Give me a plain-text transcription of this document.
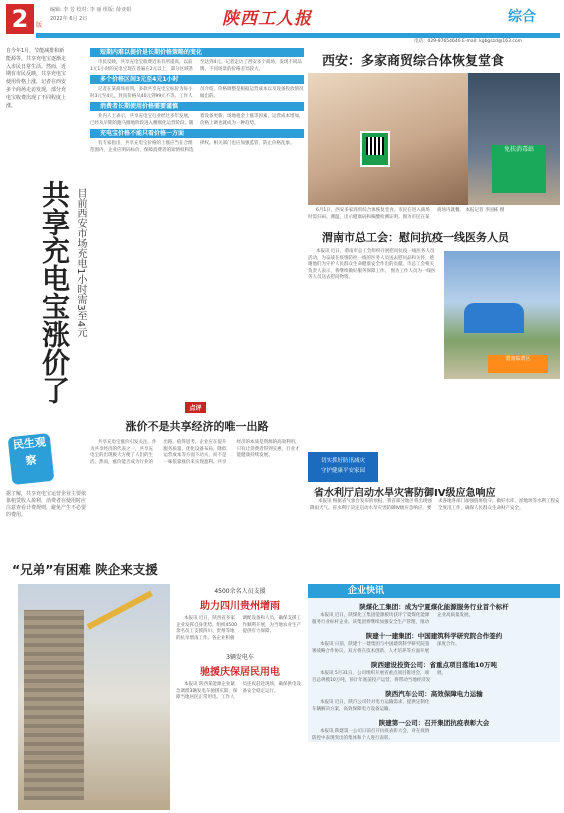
2	版
编辑: 李 芳 校对: 李 丽 组版: 薛亚娟
2022年 6月 2日	陕西工人报	综合
电话：029-87654646 E-mail: kgbgszd@163.com
自今年1月，节能减排和新能源等，共享充电宝逐渐走入市民日常生活。然而，近期有市民反映，共享充电宝使用价格上涨，记者在西安多个商场走访发现，部分充电宝收费出现了不同程度上涨。
共享充电宝涨价了 目前西安市场充电1小时需3至4元
民生观察
据了解，共享充电宝运营企业主要依靠租赁收入盈利，消费者在使用时应注意查看计费规则，避免产生不必要的费用。
短期内难以提价是长期价格策略的变化
市民反映，共享充电宝收费近来有所提高，以前1元1小时的充电宝现在普遍在2元以上，部分区域甚至达到4元。记者走访了西安多个商场，发现不同品牌、不同场景的价格差异较大。
多个价格区间3元至4元1小时
记者在某商场看到，多款共享充电宝标价为每小时3元至4元，封顶价格从40元到99元不等。工作人员介绍，价格调整是根据运营成本以及设备投放情况做出的。
消费者长期使用价格需要谨慎
业内人士表示，共享充电宝行业经过多年发展，已经从早期的跑马圈地阶段进入精细化运营阶段。随着设备更新、场地租金上涨等因素，运营成本增加，价格上调也就成为一种趋势。
充电宝价格不能只看价格一方面
有专家指出，共享充电宝价格的上涨应当在合理范围内，企业应明码标价，保障消费者的知情权和选择权。相关部门也应加强监管，防止价格乱象。
点评
涨价不是共享经济的唯一出路
共享充电宝涨价引发关注。作为共享经济的代表之一，共享充电宝的出现极大方便了人们的生活。然而，涨价能否成为行业的出路，值得思考。企业应在提升服务质量、优化设备布局、降低运营成本等方面下功夫，而不是一味依靠涨价来实现盈利。共享经济的本质是资源的高效利用，只有让消费者得到实惠，行业才能健康持续发展。
西安：多家商贸综合体恢复堂食
免扶消毒站
6月1日，西安多家商贸综合体恢复堂食。市民在进入商场时需扫码、测温，出示健康码和核酸检测证明。图为市民在某商场内就餐。 本报记者 李国栋 摄
渭南市总工会：慰问抗疫一线医务人员
本报讯 近日，渭南市总工会组织开展慰问抗疫一线医务人员活动，为奋战在疫情防控一线的医务人员送去慰问品和关怀，感谢他们为守护人民群众生命健康安全作出的贡献。市总工会相关负责人表示，将继续做好服务保障工作。 图为工作人员为一线医务人员送去慰问物资。
渭南临渭区
切实抓好防汛减灾
守护健康平安家园
省水利厅启动水旱灾害防御IV级应急响应
本报讯 根据省气象台发布的预报，我省部分地区将出现强降雨天气。省水利厅决定启动水旱灾害防御IV级应急响应，要求各地各部门加强值班值守，做好水库、淤地坝等水利工程安全度汛工作，确保人民群众生命财产安全。
“兄弟”有困难 陕企来支援
4500余名人员支援
助力四川贵州增雨
本报讯 近日，陕西省多家企业发挥自身优势，组织4500余名员工支援四川、贵州等地的抗旱增雨工作。各企业积极调配设备和人员，确保支援工作顺利开展，为当地农业生产提供有力保障。
3辆发电车
驰援庆保居民用电
本报讯 陕西某能源企业紧急调派3辆发电车驰援庆阳，保障当地居民正常用电。工作人员连夜赶赴现场，确保供电设备安全稳定运行。
企业快讯
陕煤化工集团：成为宁夏煤化能源服务行业首个标杆
本报讯 近日，陕煤化工集团能源板块获评宁夏煤化能源服务行业标杆企业。该集团将继续加强安全生产管理，推动企业高质量发展。
陕建十一建集团：中国建筑科学研究院合作签约
本报讯 日前，陕建十一建集团与中国建筑科学研究院签署战略合作协议，双方将在技术创新、人才培养等方面开展深度合作。
陕西建设投资公司：省重点项目落地10万吨
本报讯 5月31日，公司组织开展省重点项目推进会，项目总规模10万吨，预计年底前投产运营，将带动当地经济发展。
陕西汽车公司：高效保障电力运输
本报讯 近日，陕汽公司针对电力运输需求，提供定制化车辆解决方案，高效保障电力设备运输。
陕建第一公司：召开集团抗疫表彰大会
本报讯 陕建第一公司日前召开抗疫表彰大会，对在疫情防控中表现突出的集体和个人进行表彰。
